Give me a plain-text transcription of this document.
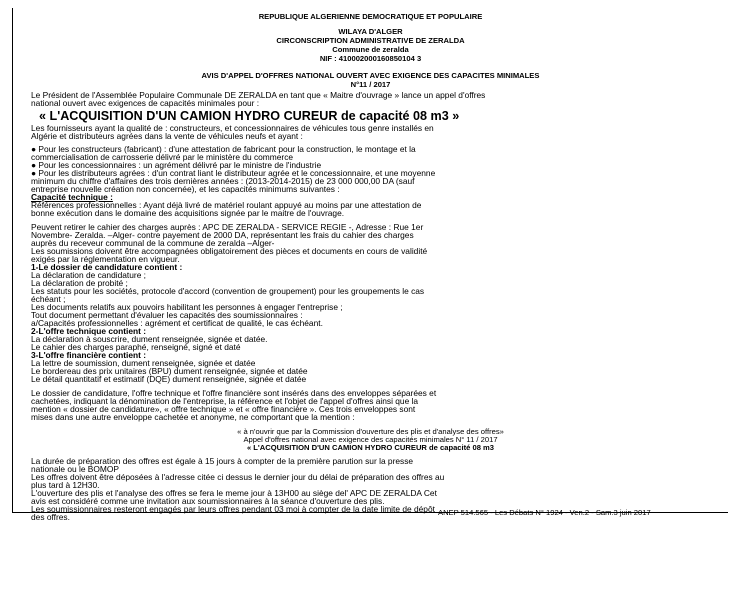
REPUBLIQUE ALGERIENNE DEMOCRATIQUE ET POPULAIRE
WILAYA D'ALGER
CIRCONSCRIPTION ADMINISTRATIVE DE ZERALDA
Commune de zeralda
NIF : 410002000160850104 3
AVIS D'APPEL D'OFFRES NATIONAL OUVERT AVEC EXIGENCE DES CAPACITES MINIMALES
N°11 / 2017
Le Président de l'Assemblée Populaire Communale DE ZERALDA en tant que « Maitre d'ouvrage » lance un appel d'offres
national ouvert avec exigences de capacités minimales pour :
« L'ACQUISITION D'UN CAMION HYDRO CUREUR de capacité 08 m3 »
Les fournisseurs ayant la qualité de : constructeurs, et concessionnaires de véhicules tous genre installés en
Algérie et distributeurs agrées dans la vente de véhicules neufs et ayant :
● Pour les constructeurs (fabricant) : d'une attestation de fabricant pour la construction, le montage et la
commercialisation de carrosserie délivré par le ministère du commerce
● Pour les concessionnaires : un agrément délivré par le ministre de l'industrie
● Pour les distributeurs agrées : d'un contrat liant le distributeur agrée et le concessionnaire, et une moyenne
minimum du chiffre d'affaires des trois dernières années : (2013-2014-2015) de 23 000 000,00 DA (sauf
entreprise nouvelle création non concernée), et les capacités minimums suivantes :
Capacité technique :
Références professionnelles : Ayant déjà livré de matériel roulant appuyé au moins par une attestation de
bonne exécution dans le domaine des acquisitions signée par le maitre de l'ouvrage.
Peuvent retirer le cahier des charges auprès : APC DE ZERALDA - SERVICE REGIE -, Adresse : Rue 1er
Novembre- Zeralda. –Alger- contre payement de 2000 DA, représentant les frais du cahier des charges
auprès du receveur communal de la commune de zeralda –Alger-
Les soumissions doivent être accompagnées obligatoirement des pièces et documents en cours de validité
exigés par la réglementation en vigueur.
1-Le dossier de candidature contient :
La déclaration de candidature ;
La déclaration de probité ;
Les statuts pour les sociétés, protocole d'accord (convention de groupement) pour les groupements le cas
échéant ;
Les documents relatifs aux pouvoirs habilitant les personnes à engager l'entreprise ;
Tout document permettant d'évaluer les capacités des soumissionnaires :
a/Capacités professionnelles : agrément et certificat de qualité, le cas échéant.
2-L'offre technique contient :
La déclaration à souscrire, dument renseignée, signée et datée.
Le cahier des charges paraphé, renseigné, signé et daté
3-L'offre financière contient :
La lettre de soumission, dument renseignée, signée et datée
Le bordereau des prix unitaires (BPU) dument renseignée, signée et datée
Le détail quantitatif et estimatif (DQE) dument renseignée, signée et datée
Le dossier de candidature, l'offre technique et l'offre financière sont insérés dans des enveloppes séparées et
cachetées, indiquant la dénomination de l'entreprise, la référence et l'objet de l'appel d'offres ainsi que la
mention « dossier de candidature», « offre technique » et « offre financière ». Ces trois enveloppes sont
mises dans une autre enveloppe cachetée et anonyme, ne comportant que la mention :
« à n'ouvrir que par la Commission d'ouverture des plis et d'analyse des offres»
Appel d'offres national avec exigence des capacités minimales N° 11 / 2017
« L'ACQUISITION D'UN CAMION HYDRO CUREUR de capacité 08 m3
La durée de préparation des offres est égale à 15 jours à compter de la première parution sur la presse
nationale ou le BOMOP
Les offres doivent être déposées à l'adresse citée ci dessus le dernier jour du délai de préparation des offres au
plus tard à 12H30.
L'ouverture des plis et l'analyse des offres se fera le meme jour à 13H00 au siège del' APC DE ZERALDA Cet
avis est considéré comme une invitation aux soumissionnaires à la séance d'ouverture des plis.
Les soumissionnaires resteront engagés par leurs offres pendant 03 moi à compter de la date limite de dépôt
des offres.	ANEP 514.565 - Les Débats N° 1924 - Ven.2 - Sam.3 juin 2017
